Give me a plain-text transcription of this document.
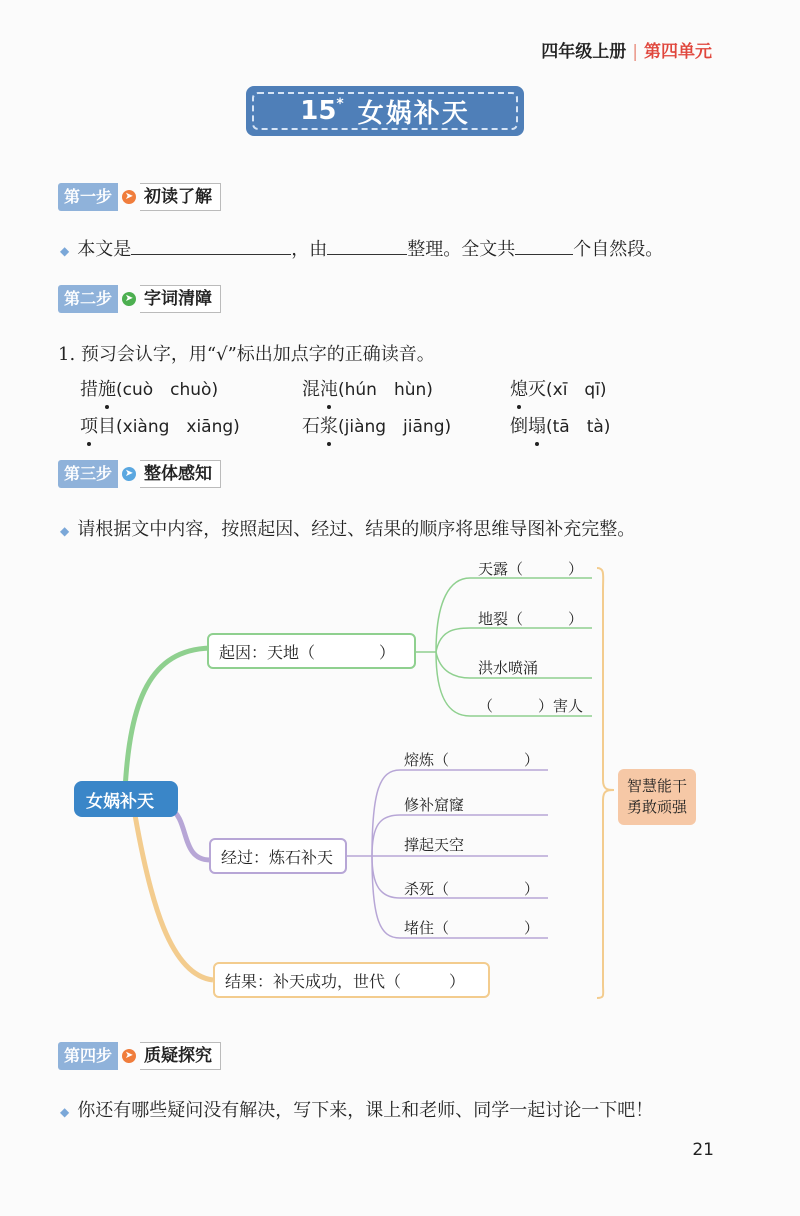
四年级上册 | 第四单元
15* 女娲补天
第一步	➤ 初读了解
◆ 本文是	，由	整理。全文共	个自然段。
第二步	➤ 字词清障
1. 预习会认字，用“√”标出加点字的正确读音。
措施(cuò　chuò)	混沌(hún　hùn)	熄灭(xī　qī)
项目(xiàng　xiāng)	石浆(jiàng　jiāng)	倒塌(tā　tà)
第三步	➤ 整体感知
◆ 请根据文中内容，按照起因、经过、结果的顺序将思维导图补充完整。
女娲补天
起因：天地（　　　　）
天露（　　　）
地裂（　　　）
洪水喷涌
（　　　）害人
经过：炼石补天
熔炼（　　　　　）
修补窟窿
撑起天空
杀死（　　　　　）
堵住（　　　　　）
结果：补天成功，世代（　　　）
智慧能干
勇敢顽强
第四步	➤ 质疑探究
◆ 你还有哪些疑问没有解决，写下来，课上和老师、同学一起讨论一下吧！
21
